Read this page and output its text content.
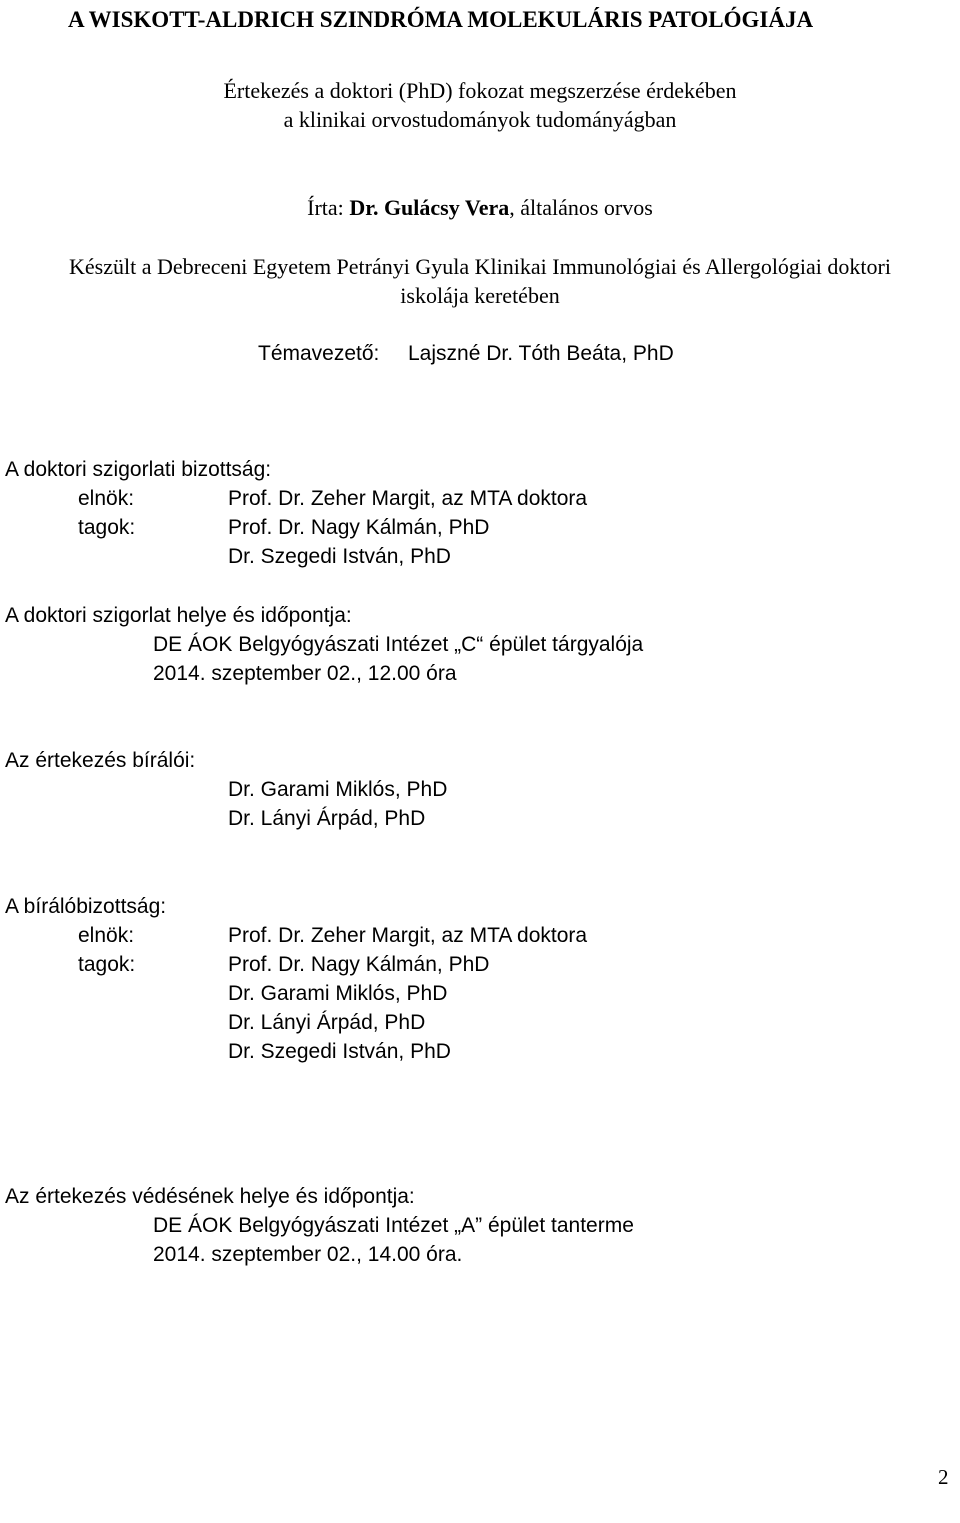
A WISKOTT-ALDRICH SZINDRÓMA MOLEKULÁRIS PATOLÓGIÁJA
Értekezés a doktori (PhD) fokozat megszerzése érdekében
a klinikai orvostudományok tudományágban
Írta: Dr. Gulácsy Vera, általános orvos
Készült a Debreceni Egyetem Petrányi Gyula Klinikai Immunológiai és Allergológiai doktori
iskolája keretében
Témavezető: Lajszné Dr. Tóth Beáta, PhD
A doktori szigorlati bizottság:
elnök:	Prof. Dr. Zeher Margit, az MTA doktora
tagok:	Prof. Dr. Nagy Kálmán, PhD
Dr. Szegedi István, PhD
A doktori szigorlat helye és időpontja:
DE ÁOK Belgyógyászati Intézet „C“ épület tárgyalója
2014. szeptember 02., 12.00 óra
Az értekezés bírálói:
Dr. Garami Miklós, PhD
Dr. Lányi Árpád, PhD
A bírálóbizottság:
elnök:	Prof. Dr. Zeher Margit, az MTA doktora
tagok:	Prof. Dr. Nagy Kálmán, PhD
Dr. Garami Miklós, PhD
Dr. Lányi Árpád, PhD
Dr. Szegedi István, PhD
Az értekezés védésének helye és időpontja:
DE ÁOK Belgyógyászati Intézet „A” épület tanterme
2014. szeptember 02., 14.00 óra.
2
